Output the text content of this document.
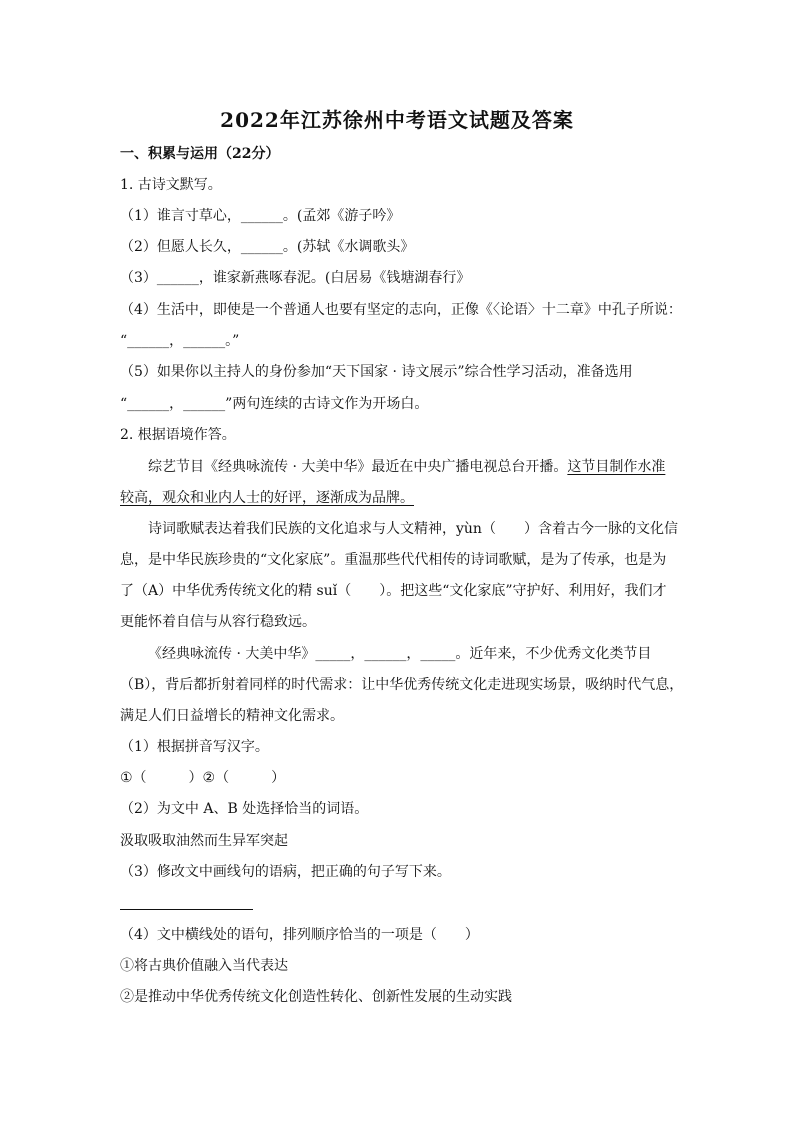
2022年江苏徐州中考语文试题及答案
一、积累与运用（22分）
1. 古诗文默写。
（1）谁言寸草心，______。(孟郊《游子吟》
（2）但愿人长久，______。(苏轼《水调歌头》
（3）______，谁家新燕啄春泥。(白居易《钱塘湖春行》
（4）生活中，即使是一个普通人也要有坚定的志向，正像《〈论语〉十二章》中孔子所说：
“______，______。”
（5）如果你以主持人的身份参加“天下国家 · 诗文展示”综合性学习活动，准备选用
“______，______”两句连续的古诗文作为开场白。
2. 根据语境作答。
综艺节目《经典咏流传 · 大美中华》最近在中央广播电视总台开播。这节目制作水准
较高，观众和业内人士的好评，逐渐成为品牌。
诗词歌赋表达着我们民族的文化追求与人文精神，yùn（　　）含着古今一脉的文化信
息，是中华民族珍贵的“文化家底”。重温那些代代相传的诗词歌赋，是为了传承，也是为
了（A）中华优秀传统文化的精 suǐ（　　）。把这些“文化家底”守护好、利用好，我们才
更能怀着自信与从容行稳致远。
《经典咏流传 · 大美中华》_____，______，_____。近年来，不少优秀文化类节目
（B），背后都折射着同样的时代需求：让中华优秀传统文化走进现实场景，吸纳时代气息，
满足人们日益增长的精神文化需求。
（1）根据拼音写汉字。
①（　　　）②（　　　）
（2）为文中 A、B 处选择恰当的词语。
汲取吸取油然而生异军突起
（3）修改文中画线句的语病，把正确的句子写下来。
（4）文中横线处的语句，排列顺序恰当的一项是（　　）
①将古典价值融入当代表达
②是推动中华优秀传统文化创造性转化、创新性发展的生动实践
